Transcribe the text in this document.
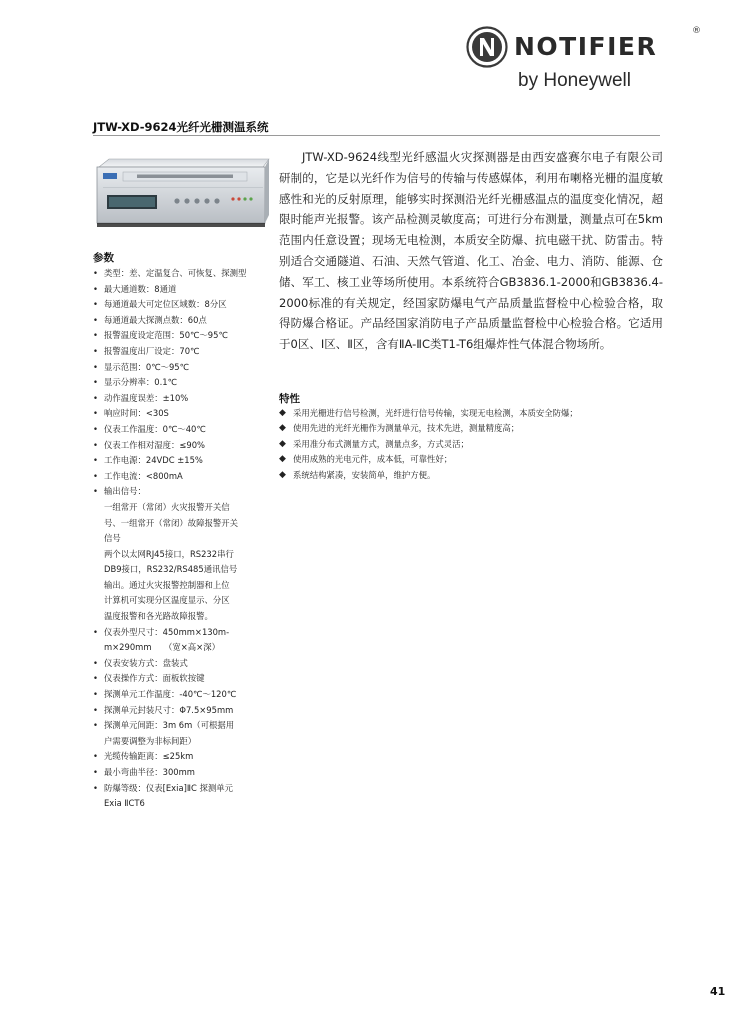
NOTIFIER
®
by Honeywell
JTW-XD-9624光纤光栅测温系统

JTW-XD-9624线型光纤感温火灾探测器是由西安盛赛尔电子有限公司研制的，它是以光纤作为信号的传输与传感媒体，利用布喇格光栅的温度敏感性和光的反射原理，能够实时探测沿光纤光栅感温点的温度变化情况，超限时能声光报警。该产品检测灵敏度高；可进行分布测量，测量点可在5km范围内任意设置；现场无电检测，本质安全防爆、抗电磁干扰、防雷击。特别适合交通隧道、石油、天然气管道、化工、冶金、电力、消防、能源、仓储、军工、核工业等场所使用。本系统符合GB3836.1-2000和GB3836.4-2000标准的有关规定，经国家防爆电气产品质量监督检中心检验合格，取得防爆合格证。产品经国家消防电子产品质量监督检中心检验合格。它适用于0区、Ⅰ区、Ⅱ区，含有ⅡA-ⅡC类T1-T6组爆炸性气体混合物场所。

参数
• 类型：差、定温复合、可恢复、探测型
• 最大通道数：8通道
• 每通道最大可定位区域数：8分区
• 每通道最大探测点数：60点
• 报警温度设定范围：50℃～95℃
• 报警温度出厂设定：70℃
• 显示范围：0℃～95℃
• 显示分辨率：0.1℃
• 动作温度误差：±10%
• 响应时间：<30S
• 仪表工作温度：0℃～40℃
• 仪表工作相对湿度：≤90%
• 工作电源：24VDC ±15%
• 工作电流：<800mA
• 输出信号：
一组常开（常闭）火灾报警开关信
号、一组常开（常闭）故障报警开关
信号
两个以太网RJ45接口，RS232串行
DB9接口，RS232/RS485通讯信号
输出。通过火灾报警控制器和上位
计算机可实现分区温度显示、分区
温度报警和各光路故障报警。
• 仪表外型尺寸：450mm×130m-
m×290mm　　（宽×高×深）
• 仪表安装方式：盘装式
• 仪表操作方式：面板软按键
• 探测单元工作温度：-40℃～120℃
• 探测单元封装尺寸：Φ7.5×95mm
• 探测单元间距：3m 6m（可根据用
户需要调整为非标间距）
• 光缆传输距离：≤25km
• 最小弯曲半径：300mm
• 防爆等级：仪表[Exia]ⅡC 探测单元
Exia ⅡCT6
特性
◆ 采用光栅进行信号检测，光纤进行信号传输，实现无电检测，本质安全防爆；
◆ 使用先进的光纤光栅作为测量单元，技术先进，测量精度高；
◆ 采用准分布式测量方式，测量点多，方式灵活；
◆ 使用成熟的光电元件，成本低，可靠性好；
◆ 系统结构紧凑，安装简单，维护方便。
41
